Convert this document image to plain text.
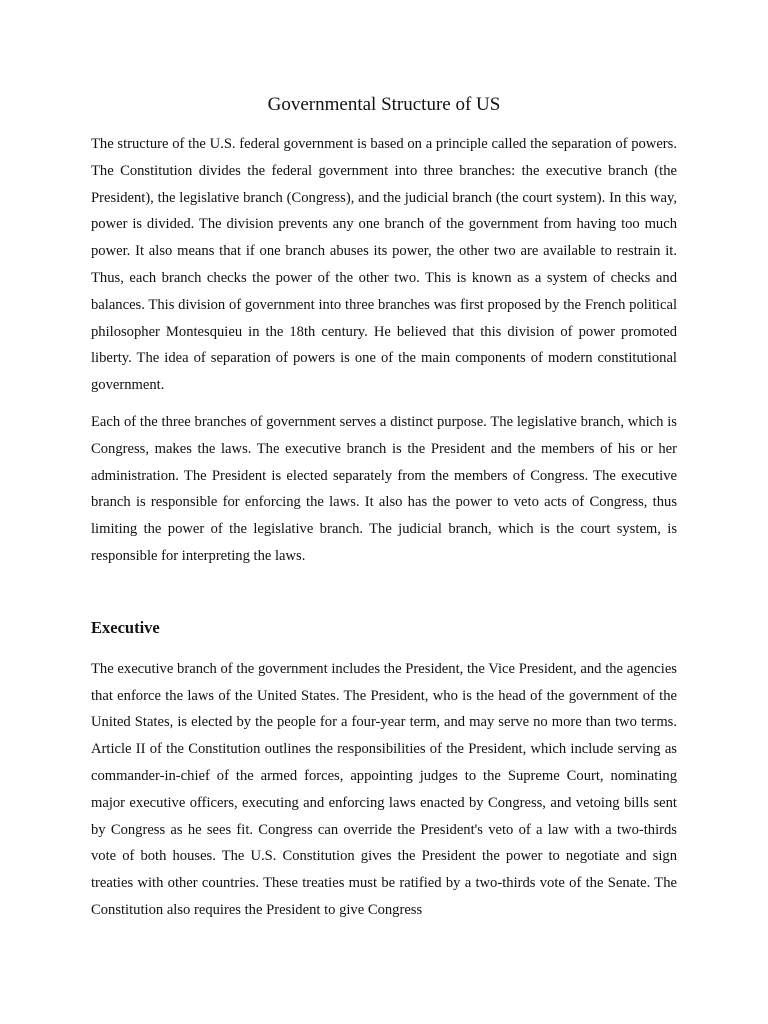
Governmental Structure of US

The structure of the U.S. federal government is based on a principle called the separation of powers. The Constitution divides the federal government into three branches: the executive branch (the President), the legislative branch (Congress), and the judicial branch (the court system). In this way, power is divided. The division prevents any one branch of the government from having too much power. It also means that if one branch abuses its power, the other two are available to restrain it. Thus, each branch checks the power of the other two. This is known as a system of checks and balances. This division of government into three branches was first proposed by the French political philosopher Montesquieu in the 18th century. He believed that this division of power promoted liberty. The idea of separation of powers is one of the main components of modern constitutional government.

Each of the three branches of government serves a distinct purpose. The legislative branch, which is Congress, makes the laws. The executive branch is the President and the members of his or her administration. The President is elected separately from the members of Congress. The executive branch is responsible for enforcing the laws. It also has the power to veto acts of Congress, thus limiting the power of the legislative branch. The judicial branch, which is the court system, is responsible for interpreting the laws.

Executive

The executive branch of the government includes the President, the Vice President, and the agencies that enforce the laws of the United States. The President, who is the head of the government of the United States, is elected by the people for a four-year term, and may serve no more than two terms. Article II of the Constitution outlines the responsibilities of the President, which include serving as commander-in-chief of the armed forces, appointing judges to the Supreme Court, nominating major executive officers, executing and enforcing laws enacted by Congress, and vetoing bills sent by Congress as he sees fit. Congress can override the President's veto of a law with a two-thirds vote of both houses. The U.S. Constitution gives the President the power to negotiate and sign treaties with other countries. These treaties must be ratified by a two-thirds vote of the Senate. The Constitution also requires the President to give Congress
